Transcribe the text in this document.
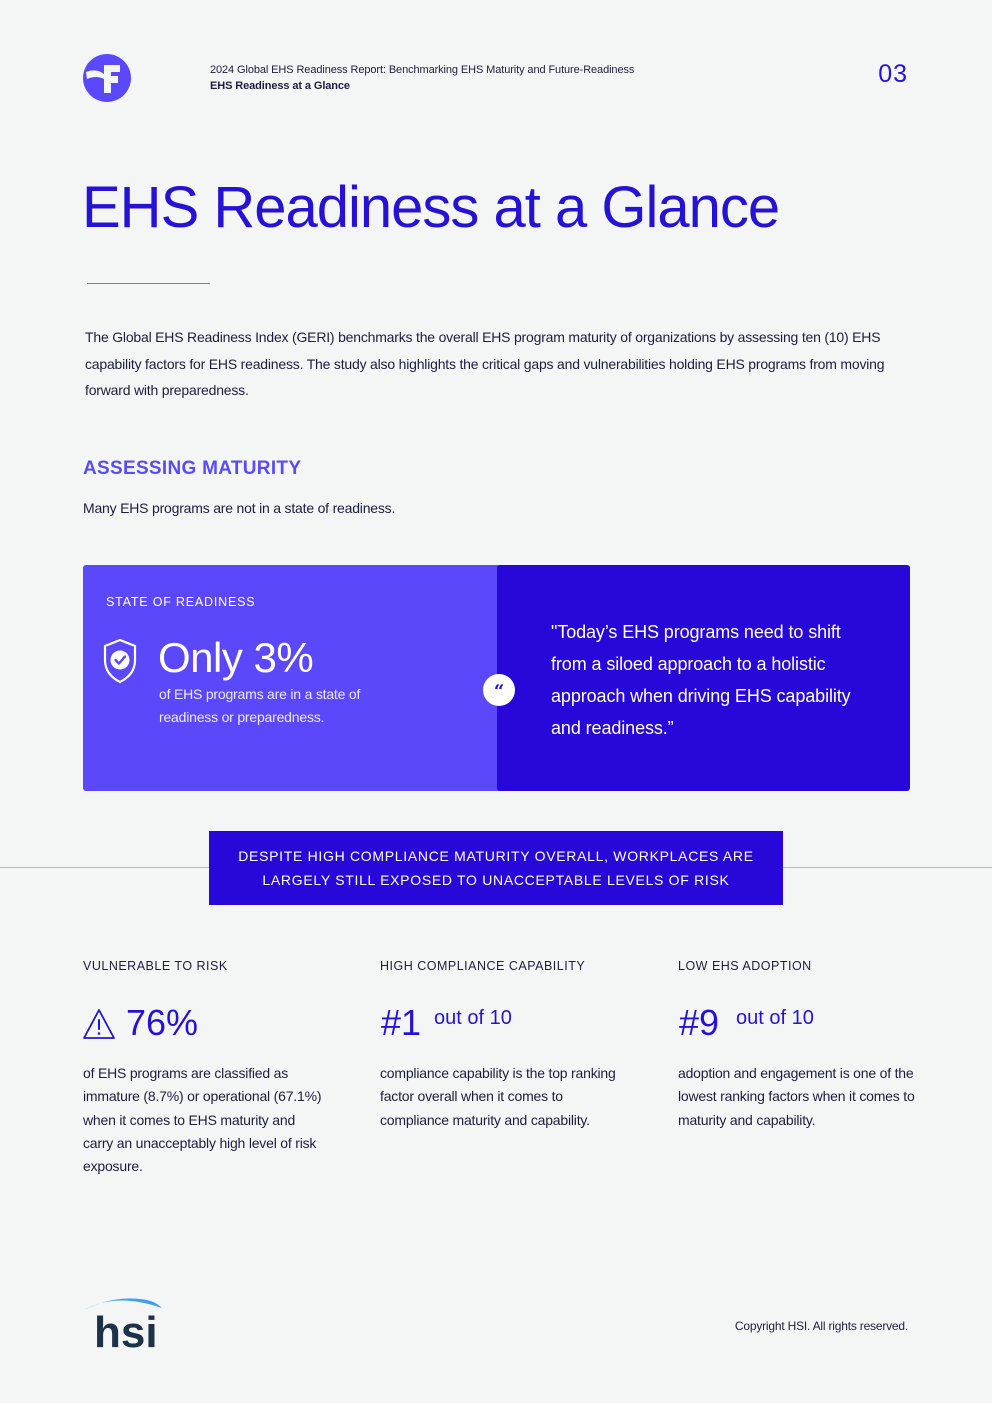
2024 Global EHS Readiness Report: Benchmarking EHS Maturity and Future-Readiness
EHS Readiness at a Glance	03
EHS Readiness at a Glance

The Global EHS Readiness Index (GERI) benchmarks the overall EHS program maturity of organizations by assessing ten (10) EHS capability factors for EHS readiness. The study also highlights the critical gaps and vulnerabilities holding EHS programs from moving forward with preparedness.

ASSESSING MATURITY

Many EHS programs are not in a state of readiness.

STATE OF READINESS
Only 3%

of EHS programs are in a state of readiness or preparedness.

“

"Today’s EHS programs need to shift from a siloed approach to a holistic approach when driving EHS capability and readiness.”

DESPITE HIGH COMPLIANCE MATURITY OVERALL, WORKPLACES ARE
LARGELY STILL EXPOSED TO UNACCEPTABLE LEVELS OF RISK
VULNERABLE TO RISK
76%

of EHS programs are classified as immature (8.7%) or operational (67.1%) when it comes to EHS maturity and carry an unacceptably high level of risk exposure.

HIGH COMPLIANCE CAPABILITY
#1 out of 10

compliance capability is the top ranking factor overall when it comes to compliance maturity and capability.

LOW EHS ADOPTION
#9 out of 10

adoption and engagement is one of the lowest ranking factors when it comes to maturity and capability.

hsi	Copyright HSI. All rights reserved.
